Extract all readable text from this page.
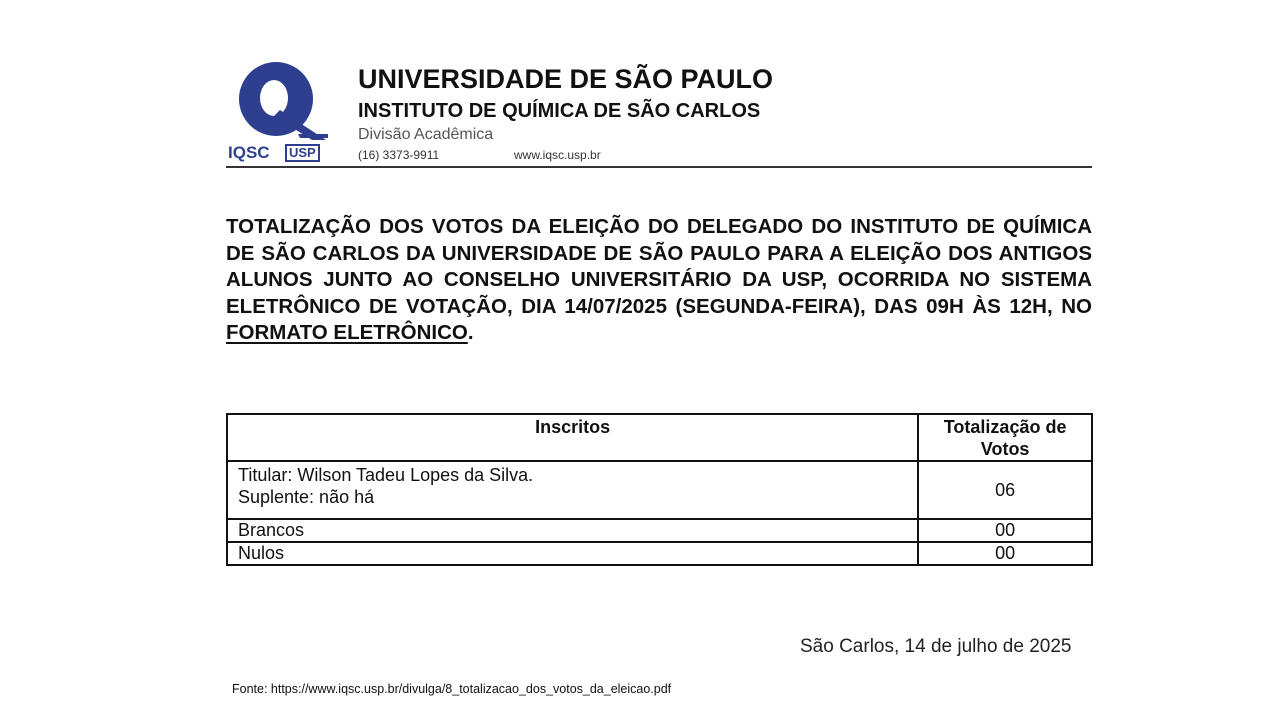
IQSC	USP
UNIVERSIDADE DE SÃO PAULO
INSTITUTO DE QUÍMICA DE SÃO CARLOS
Divisão Acadêmica
(16) 3373-9911	www.iqsc.usp.br
TOTALIZAÇÃO DOS VOTOS DA ELEIÇÃO DO DELEGADO DO INSTITUTO DE QUÍMICA DE SÃO CARLOS DA UNIVERSIDADE DE SÃO PAULO PARA A ELEIÇÃO DOS ANTIGOS ALUNOS JUNTO AO CONSELHO UNIVERSITÁRIO DA USP, OCORRIDA NO SISTEMA ELETRÔNICO DE VOTAÇÃO, DIA 14/07/2025 (SEGUNDA-FEIRA), DAS 09H ÀS 12H, NO FORMATO ELETRÔNICO.
Inscritos	Totalização de Votos

Titular: Wilson Tadeu Lopes da Silva.
Suplente: não há	06
Brancos	00
Nulos	00
São Carlos, 14 de julho de 2025
Fonte: https://www.iqsc.usp.br/divulga/8_totalizacao_dos_votos_da_eleicao.pdf
